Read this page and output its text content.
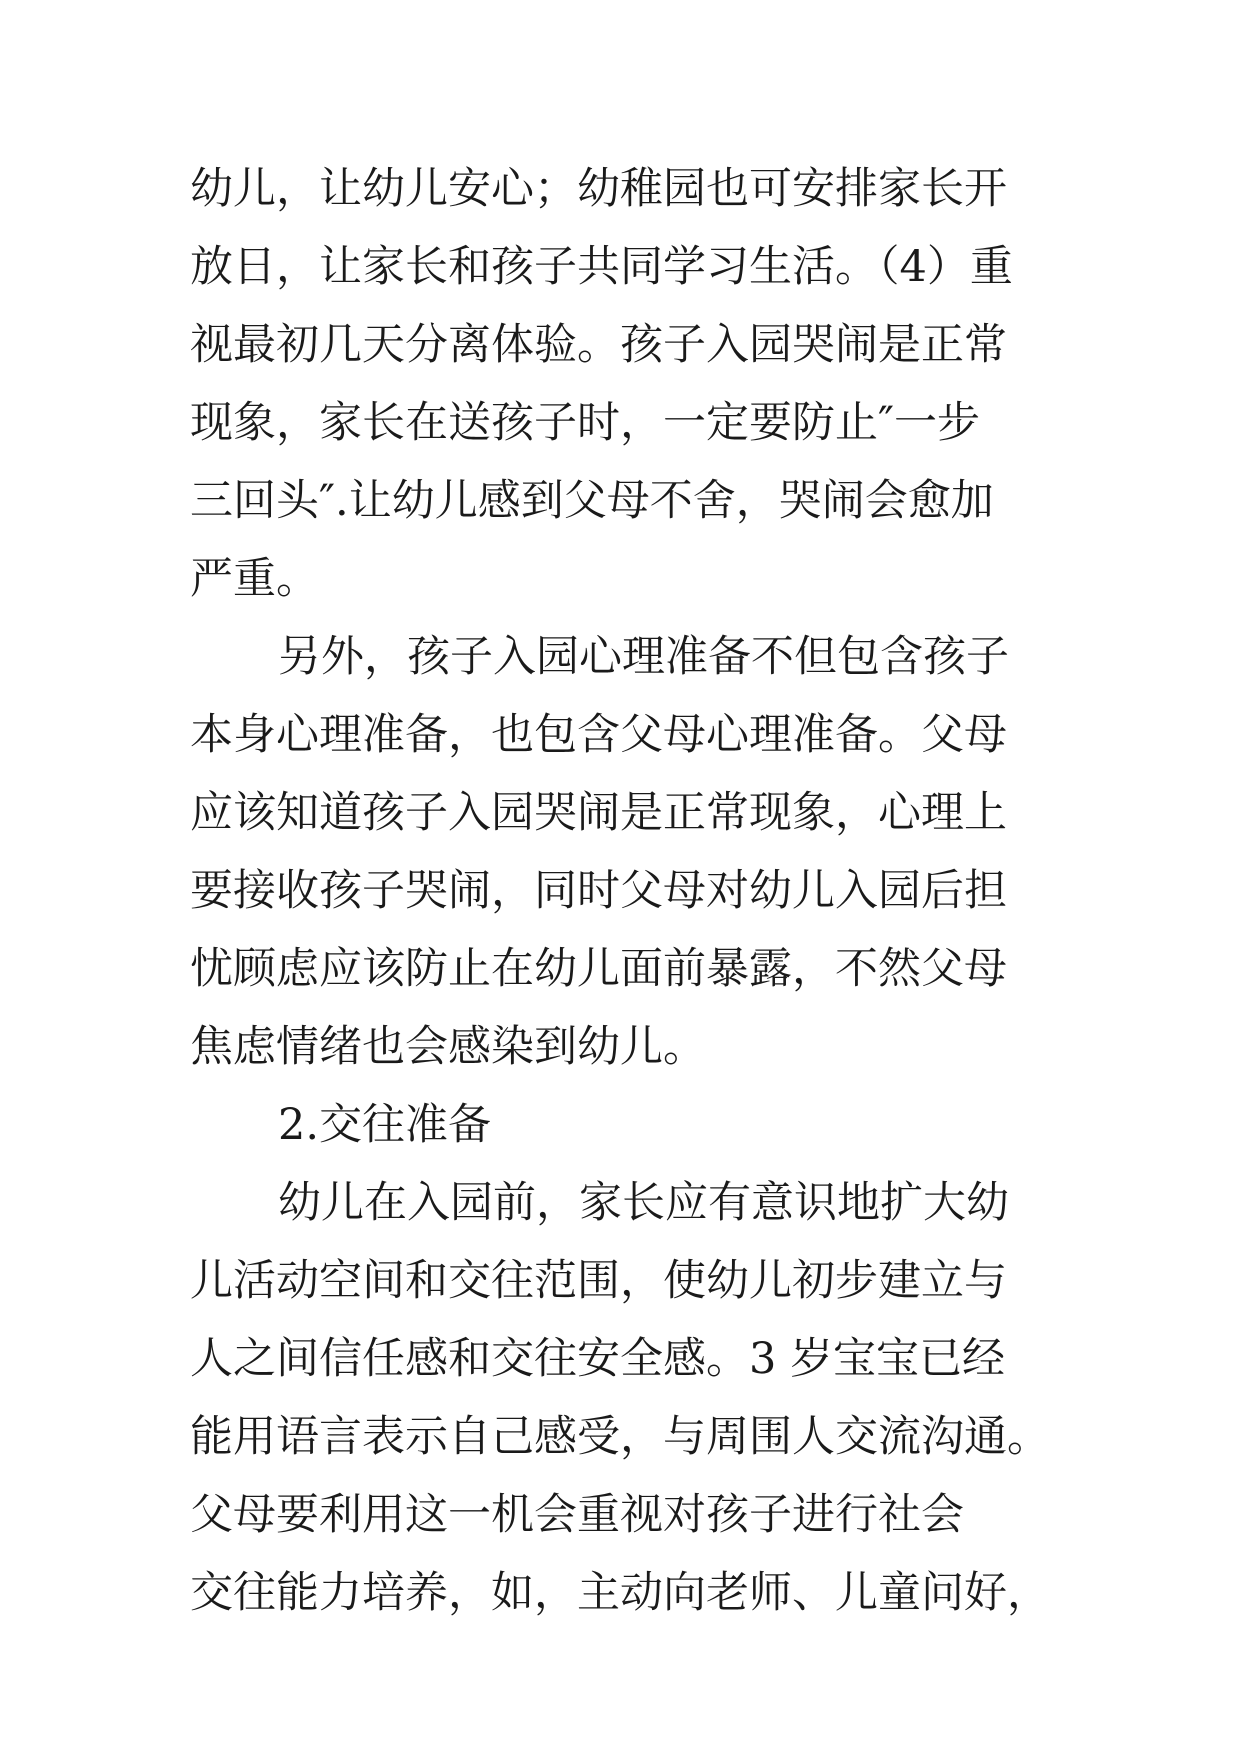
幼儿，让幼儿安心；幼稚园也可安排家长开
放日，让家长和孩子共同学习生活。（4）重
视最初几天分离体验。孩子入园哭闹是正常
现象，家长在送孩子时，一定要防止″一步
三回头″.让幼儿感到父母不舍，哭闹会愈加
严重。
另外，孩子入园心理准备不但包含孩子
本身心理准备，也包含父母心理准备。父母
应该知道孩子入园哭闹是正常现象，心理上
要接收孩子哭闹，同时父母对幼儿入园后担
忧顾虑应该防止在幼儿面前暴露，不然父母
焦虑情绪也会感染到幼儿。
2.交往准备
幼儿在入园前，家长应有意识地扩大幼
儿活动空间和交往范围，使幼儿初步建立与
人之间信任感和交往安全感。3 岁宝宝已经
能用语言表示自己感受，与周围人交流沟通。
父母要利用这一机会重视对孩子进行社会
交往能力培养，如，主动向老师、儿童问好，
